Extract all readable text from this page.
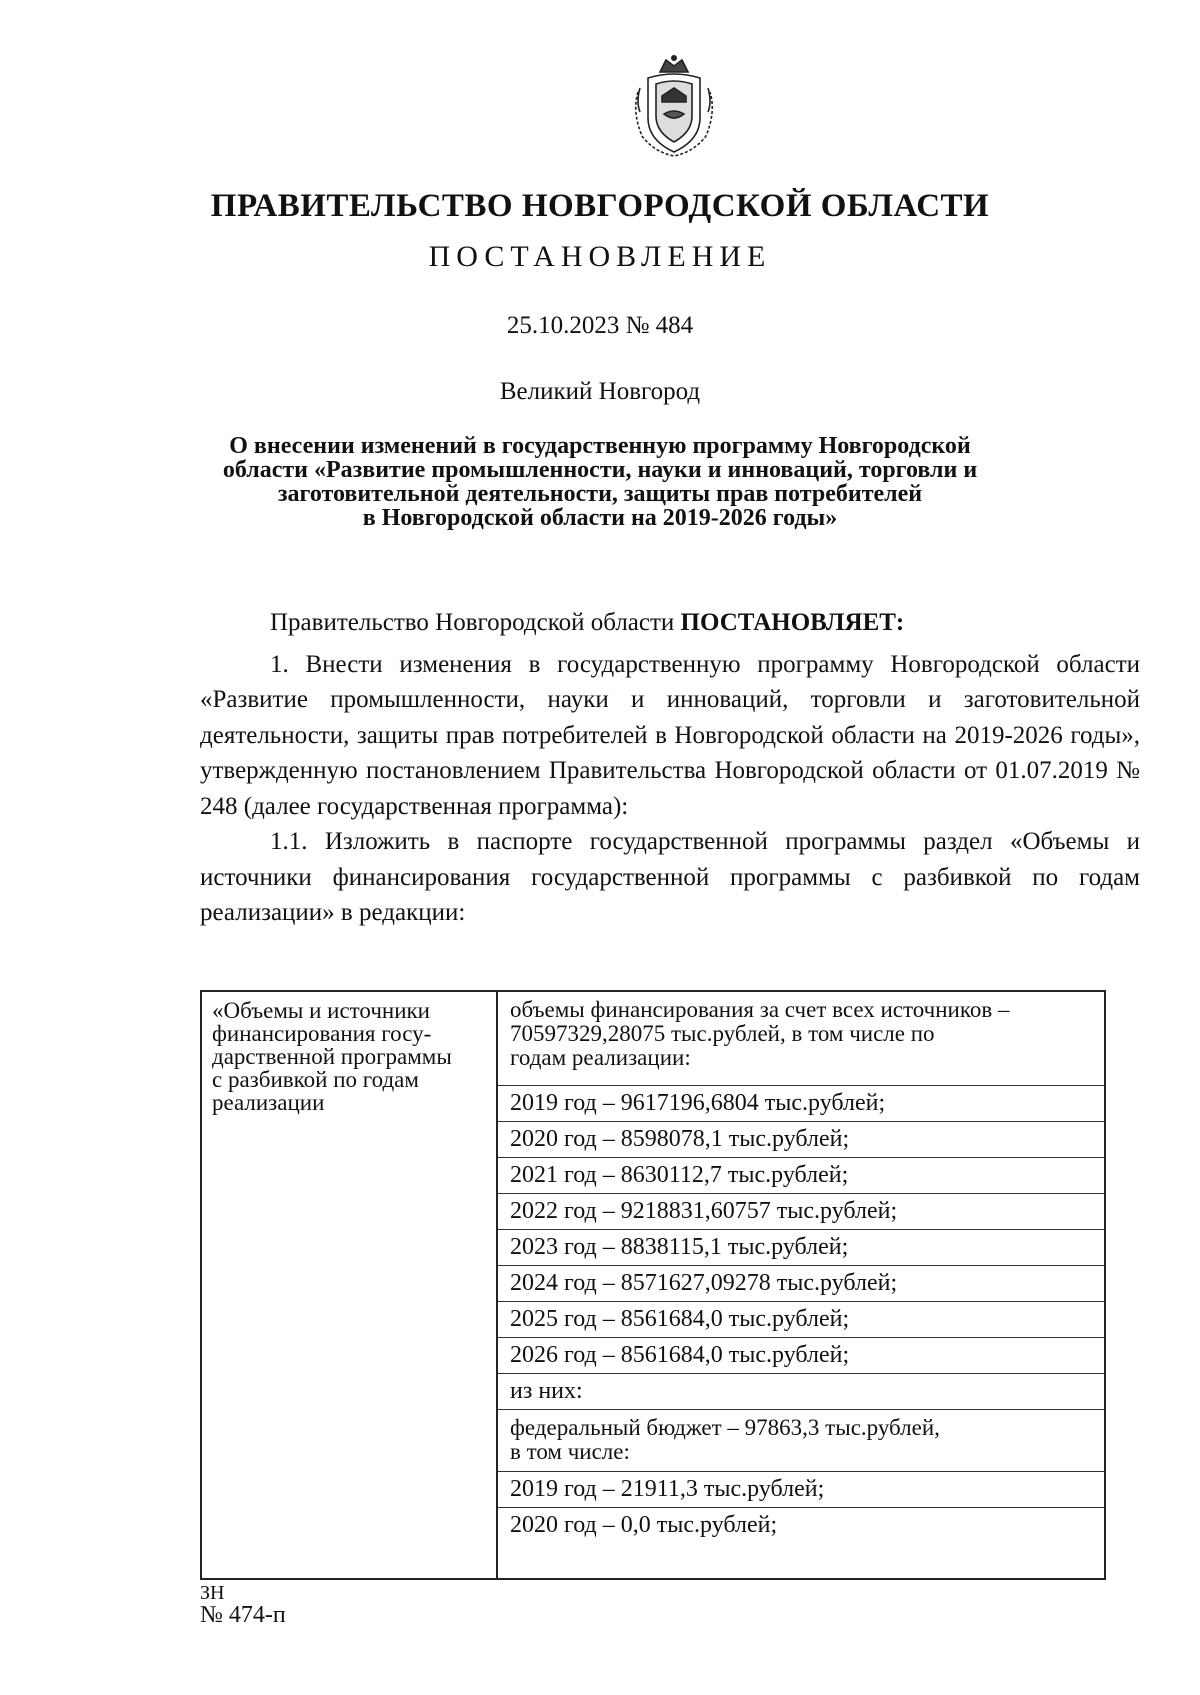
ПРАВИТЕЛЬСТВО НОВГОРОДСКОЙ ОБЛАСТИ
ПОСТАНОВЛЕНИЕ
25.10.2023 № 484
Великий Новгород
О внесении изменений в государственную программу Новгородской
области «Развитие промышленности, науки и инноваций, торговли и
заготовительной деятельности, защиты прав потребителей
в Новгородской области на 2019-2026 годы»

Правительство Новгородской области ПОСТАНОВЛЯЕТ:

1. Внести изменения в государственную программу Новгородской области «Развитие промышленности, науки и инноваций, торговли и заготовительной деятельности, защиты прав потребителей в Новгородской области на 2019-2026 годы», утвержденную постановлением Правительства Новгородской области от 01.07.2019 № 248 (далее государственная программа):

1.1. Изложить в паспорте государственной программы раздел «Объемы и источники финансирования государственной программы с разбивкой по годам реализации» в редакции:

«Объемы и источники
финансирования госу-
дарственной программы
с разбивкой по годам
реализации
объемы финансирования за счет всех источников –
70597329,28075 тыс.рублей, в том числе по
годам реализации:
2019 год – 9617196,6804 тыс.рублей;
2020 год – 8598078,1 тыс.рублей;
2021 год – 8630112,7 тыс.рублей;
2022 год – 9218831,60757 тыс.рублей;
2023 год – 8838115,1 тыс.рублей;
2024 год – 8571627,09278 тыс.рублей;
2025 год – 8561684,0 тыс.рублей;
2026 год – 8561684,0 тыс.рублей;
из них:
федеральный бюджет – 97863,3 тыс.рублей,
в том числе:
2019 год – 21911,3 тыс.рублей;
2020 год – 0,0 тыс.рублей;
ЗН
№ 474-п
